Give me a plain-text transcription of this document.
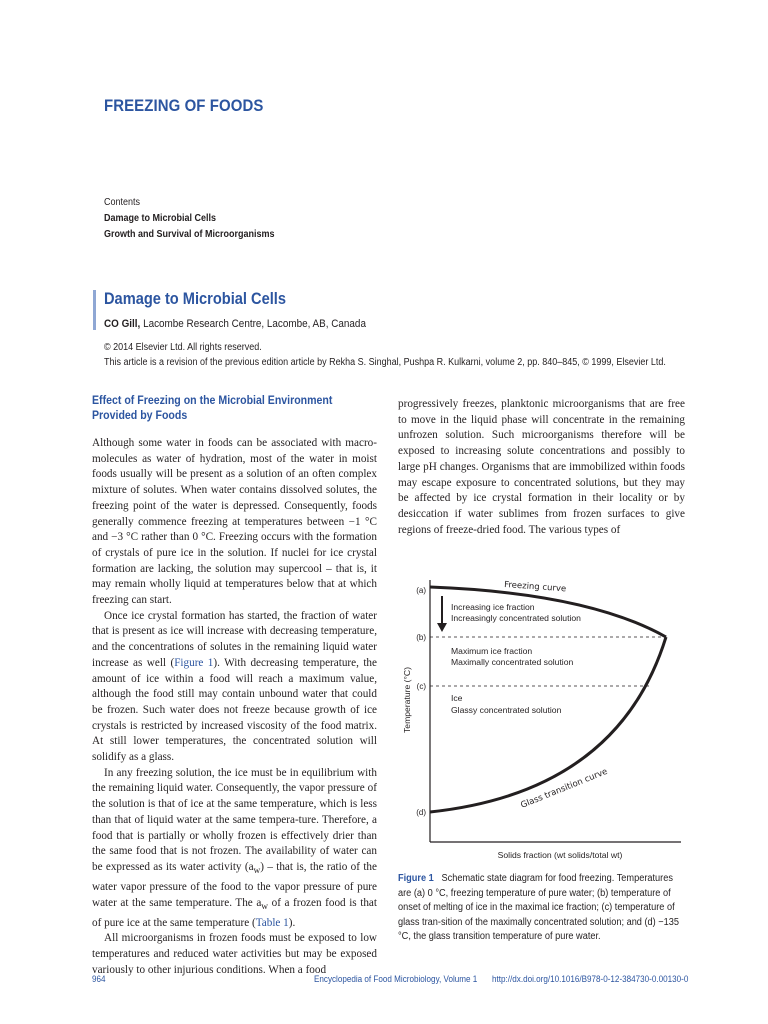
FREEZING OF FOODS
Contents
Damage to Microbial Cells
Growth and Survival of Microorganisms
Damage to Microbial Cells
CO Gill, Lacombe Research Centre, Lacombe, AB, Canada
© 2014 Elsevier Ltd. All rights reserved.
This article is a revision of the previous edition article by Rekha S. Singhal, Pushpa R. Kulkarni, volume 2, pp. 840–845, © 1999, Elsevier Ltd.
Effect of Freezing on the Microbial Environment Provided by Foods

Although some water in foods can be associated with macro-molecules as water of hydration, most of the water in moist foods usually will be present as a solution of an often complex mixture of solutes. When water contains dissolved solutes, the freezing point of the water is depressed. Consequently, foods generally commence freezing at temperatures between −1 °C and −3 °C rather than 0 °C. Freezing occurs with the formation of crystals of pure ice in the solution. If nuclei for ice crystal formation are lacking, the solution may supercool – that is, it may remain wholly liquid at temperatures below that at which freezing can start.

Once ice crystal formation has started, the fraction of water that is present as ice will increase with decreasing temperature, and the concentrations of solutes in the remaining liquid water increase as well (Figure 1). With decreasing temperature, the amount of ice within a food will reach a maximum value, although the food still may contain unbound water that could be frozen. Such water does not freeze because growth of ice crystals is restricted by increased viscosity of the food matrix. At still lower temperatures, the concentrated solution will solidify as a glass.

In any freezing solution, the ice must be in equilibrium with the remaining liquid water. Consequently, the vapor pressure of the solution is that of ice at the same temperature, which is less than that of liquid water at the same tempera-ture. Therefore, a food that is partially or wholly frozen is effectively drier than the same food that is not frozen. The availability of water can be expressed as its water activity $(a_w)$ – that is, the ratio of the water vapor pressure of the food to the vapor pressure of pure water at the same temperature. The $a_w$ of a frozen food is that of pure ice at the same temperature (Table 1).

All microorganisms in frozen foods must be exposed to low temperatures and reduced water activities but may be exposed variously to other injurious conditions. When a food

progressively freezes, planktonic microorganisms that are free to move in the liquid phase will concentrate in the remaining unfrozen solution. Such microorganisms therefore will be exposed to increasing solute concentrations and possibly to large pH changes. Organisms that are immobilized within foods may escape exposure to concentrated solutions, but they may be affected by ice crystal formation in their locality or by desiccation if water sublimes from frozen surfaces to give regions of freeze-dried food. The various types of

(a)
(b)
(c)
(d)
Freezing curve
Glass transition curve
Increasing ice fraction
Increasingly concentrated solution
Maximum ice fraction
Maximally concentrated solution
Ice
Glassy concentrated solution
Temperature (°C)
Solids fraction (wt solids/total wt)
Figure 1 Schematic state diagram for food freezing. Temperatures are (a) 0 °C, freezing temperature of pure water; (b) temperature of onset of melting of ice in the maximal ice fraction; (c) temperature of glass tran-sition of the maximally concentrated solution; and (d) −135 °C, the glass transition temperature of pure water.
964	Encyclopedia of Food Microbiology, Volume 1 http://dx.doi.org/10.1016/B978-0-12-384730-0.00130-0
